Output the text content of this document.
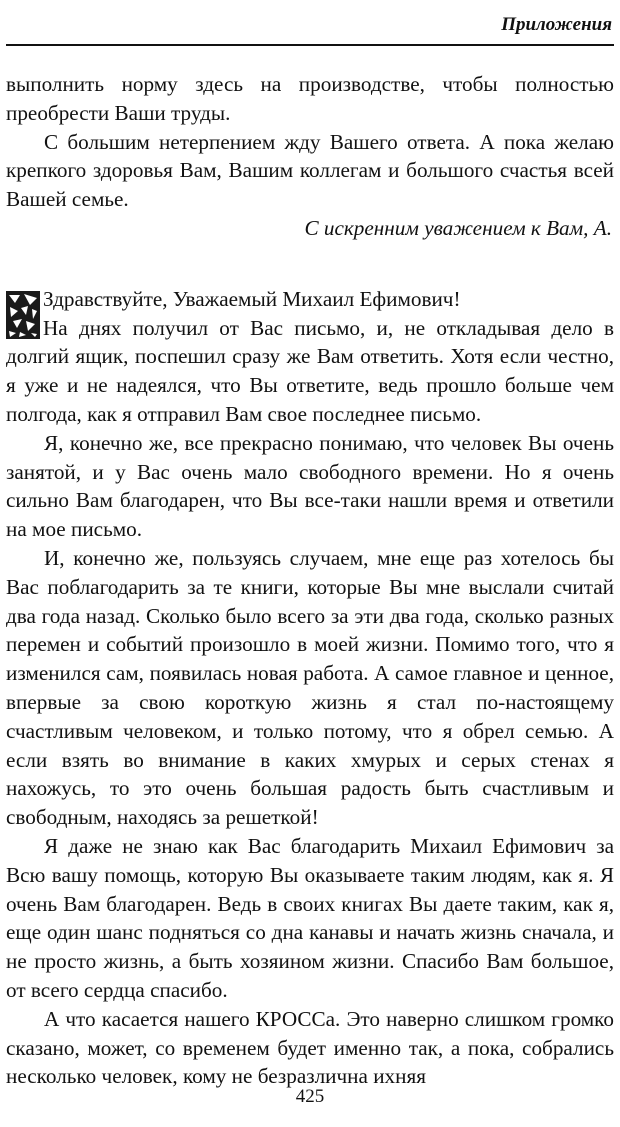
Приложения

выполнить норму здесь на производстве, чтобы полностью преобрести Ваши труды.

С большим нетерпением жду Вашего ответа. А пока желаю крепкого здоровья Вам, Вашим коллегам и большого счастья всей Вашей семье.

С искренним уважением к Вам, А.

Здравствуйте, Уважаемый Михаил Ефимович!

На днях получил от Вас письмо, и, не откладывая дело в долгий ящик, поспешил сразу же Вам ответить. Хотя если честно, я уже и не надеялся, что Вы ответите, ведь прошло больше чем полгода, как я отправил Вам свое последнее письмо.

Я, конечно же, все прекрасно понимаю, что человек Вы очень занятой, и у Вас очень мало свободного времени. Но я очень сильно Вам благодарен, что Вы все-таки нашли время и ответили на мое письмо.

И, конечно же, пользуясь случаем, мне еще раз хотелось бы Вас поблагодарить за те книги, которые Вы мне выслали считай два года назад. Сколько было всего за эти два года, сколько разных перемен и событий произошло в моей жизни. Помимо того, что я изменился сам, появилась новая работа. А самое главное и ценное, впервые за свою короткую жизнь я стал по-настоящему счастливым человеком, и только потому, что я обрел семью. А если взять во внимание в каких хмурых и серых стенах я нахожусь, то это очень большая радость быть счастливым и свободным, находясь за решеткой!

Я даже не знаю как Вас благодарить Михаил Ефимович за Всю вашу помощь, которую Вы оказываете таким людям, как я. Я очень Вам благодарен. Ведь в своих книгах Вы даете таким, как я, еще один шанс подняться со дна канавы и начать жизнь сначала, и не просто жизнь, а быть хозяином жизни. Спасибо Вам большое, от всего сердца спасибо.

А что касается нашего КРОССа. Это наверно слишком громко сказано, может, со временем будет именно так, а пока, собрались несколько человек, кому не безразлична ихняя

425
